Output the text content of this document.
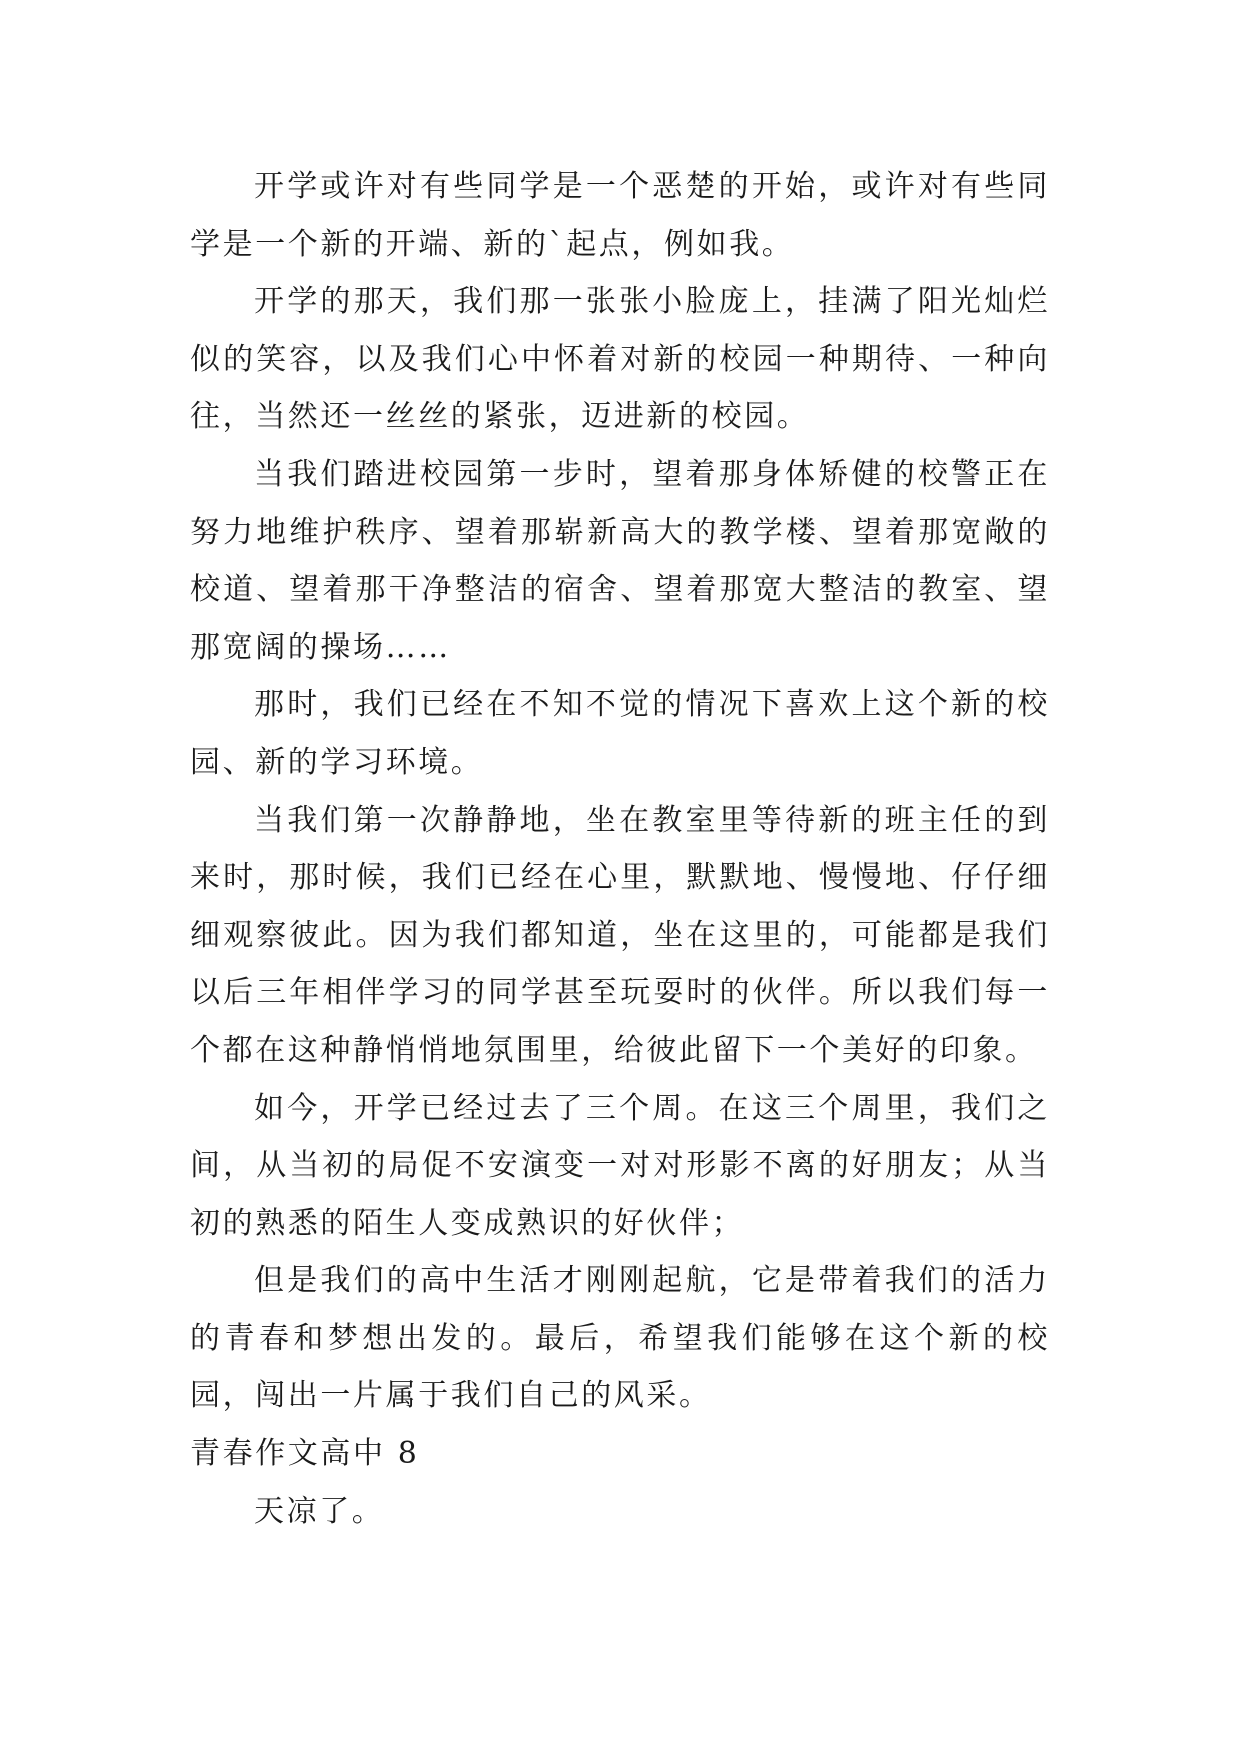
开学或许对有些同学是一个恶楚的开始，或许对有些同学是一个新的开端、新的`起点，例如我。

开学的那天，我们那一张张小脸庞上，挂满了阳光灿烂似的笑容，以及我们心中怀着对新的校园一种期待、一种向往，当然还一丝丝的紧张，迈进新的校园。

当我们踏进校园第一步时，望着那身体矫健的校警正在努力地维护秩序、望着那崭新高大的教学楼、望着那宽敞的校道、望着那干净整洁的宿舍、望着那宽大整洁的教室、望那宽阔的操场……

那时，我们已经在不知不觉的情况下喜欢上这个新的校园、新的学习环境。

当我们第一次静静地，坐在教室里等待新的班主任的到来时，那时候，我们已经在心里，默默地、慢慢地、仔仔细细观察彼此。因为我们都知道，坐在这里的，可能都是我们以后三年相伴学习的同学甚至玩耍时的伙伴。所以我们每一个都在这种静悄悄地氛围里，给彼此留下一个美好的印象。

如今，开学已经过去了三个周。在这三个周里，我们之间，从当初的局促不安演变一对对形影不离的好朋友；从当初的熟悉的陌生人变成熟识的好伙伴；

但是我们的高中生活才刚刚起航，它是带着我们的活力的青春和梦想出发的。最后，希望我们能够在这个新的校园，闯出一片属于我们自己的风采。

青春作文高中 8

天凉了。
